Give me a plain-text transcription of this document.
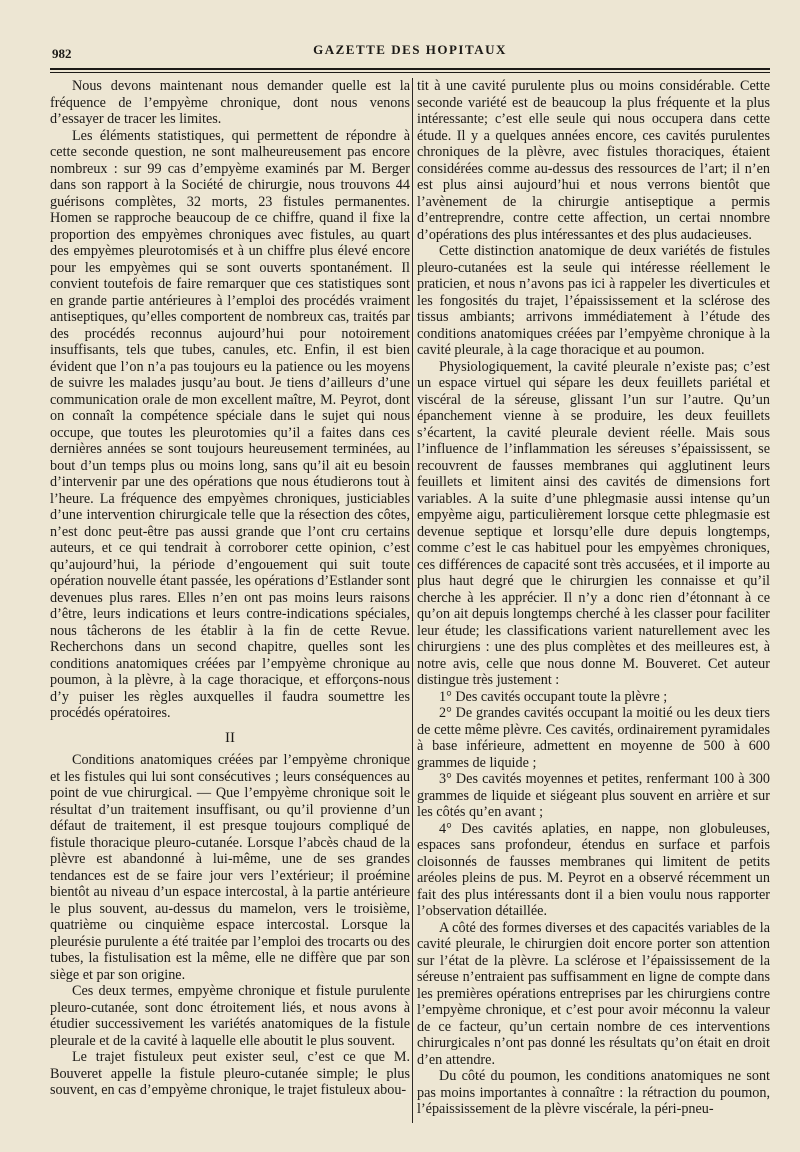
982	GAZETTE DES HOPITAUX

Nous devons maintenant nous demander quelle est la fréquence de l’empyème chronique, dont nous venons d’essayer de tracer les limites.

Les éléments statistiques, qui permettent de répondre à cette seconde question, ne sont malheureusement pas encore nombreux : sur 99 cas d’empyème examinés par M. Berger dans son rapport à la Société de chirurgie, nous trouvons 44 guérisons complètes, 32 morts, 23 fistules permanentes. Homen se rapproche beaucoup de ce chiffre, quand il fixe la proportion des empyèmes chroniques avec fistules, au quart des empyèmes pleurotomisés et à un chiffre plus élevé encore pour les empyèmes qui se sont ouverts spontanément. Il convient toutefois de faire remarquer que ces statistiques sont en grande partie antérieures à l’emploi des procédés vraiment antiseptiques, qu’elles comportent de nombreux cas, traités par des procédés reconnus aujourd’hui pour notoirement insuffisants, tels que tubes, canules, etc. Enfin, il est bien évident que l’on n’a pas toujours eu la patience ou les moyens de suivre les malades jusqu’au bout. Je tiens d’ailleurs d’une communication orale de mon excellent maître, M. Peyrot, dont on connaît la compétence spéciale dans le sujet qui nous occupe, que toutes les pleurotomies qu’il a faites dans ces dernières années se sont toujours heureusement terminées, au bout d’un temps plus ou moins long, sans qu’il ait eu besoin d’intervenir par une des opérations que nous étudierons tout à l’heure. La fréquence des empyèmes chroniques, justiciables d’une intervention chirurgicale telle que la résection des côtes, n’est donc peut-être pas aussi grande que l’ont cru certains auteurs, et ce qui tendrait à corroborer cette opinion, c’est qu’aujourd’hui, la période d’engouement qui suit toute opération nouvelle étant passée, les opérations d’Estlander sont devenues plus rares. Elles n’en ont pas moins leurs raisons d’être, leurs indications et leurs contre-indications spéciales, nous tâcherons de les établir à la fin de cette Revue. Recherchons dans un second chapitre, quelles sont les conditions anatomiques créées par l’empyème chronique au poumon, à la plèvre, à la cage thoracique, et efforçons-nous d’y puiser les règles auxquelles il faudra soumettre les procédés opératoires.

II

Conditions anatomiques créées par l’empyème chronique et les fistules qui lui sont consécutives ; leurs conséquences au point de vue chirurgical. — Que l’empyème chronique soit le résultat d’un traitement insuffisant, ou qu’il provienne d’un défaut de traitement, il est presque toujours compliqué de fistule thoracique pleuro-cutanée. Lorsque l’abcès chaud de la plèvre est abandonné à lui-même, une de ses grandes tendances est de se faire jour vers l’extérieur; il proémine bientôt au niveau d’un espace intercostal, à la partie antérieure le plus souvent, au-dessus du mamelon, vers le troisième, quatrième ou cinquième espace intercostal. Lorsque la pleurésie purulente a été traitée par l’emploi des trocarts ou des tubes, la fistulisation est la même, elle ne diffère que par son siège et par son origine.

Ces deux termes, empyème chronique et fistule purulente pleuro-cutanée, sont donc étroitement liés, et nous avons à étudier successivement les variétés anatomiques de la fistule pleurale et de la cavité à laquelle elle aboutit le plus souvent.

Le trajet fistuleux peut exister seul, c’est ce que M. Bouveret appelle la fistule pleuro-cutanée simple; le plus souvent, en cas d’empyème chronique, le trajet fistuleux abou-

tit à une cavité purulente plus ou moins considérable. Cette seconde variété est de beaucoup la plus fréquente et la plus intéressante; c’est elle seule qui nous occupera dans cette étude. Il y a quelques années encore, ces cavités purulentes chroniques de la plèvre, avec fistules thoraciques, étaient considérées comme au-dessus des ressources de l’art; il n’en est plus ainsi aujourd’hui et nous verrons bientôt que l’avènement de la chirurgie antiseptique a permis d’entreprendre, contre cette affection, un certai nnombre d’opérations des plus intéressantes et des plus audacieuses.

Cette distinction anatomique de deux variétés de fistules pleuro-cutanées est la seule qui intéresse réellement le praticien, et nous n’avons pas ici à rappeler les diverticules et les fongosités du trajet, l’épaississement et la sclérose des tissus ambiants; arrivons immédiatement à l’étude des conditions anatomiques créées par l’empyème chronique à la cavité pleurale, à la cage thoracique et au poumon.

Physiologiquement, la cavité pleurale n’existe pas; c’est un espace virtuel qui sépare les deux feuillets pariétal et viscéral de la séreuse, glissant l’un sur l’autre. Qu’un épanchement vienne à se produire, les deux feuillets s’écartent, la cavité pleurale devient réelle. Mais sous l’influence de l’inflammation les séreuses s’épaississent, se recouvrent de fausses membranes qui agglutinent leurs feuillets et limitent ainsi des cavités de dimensions fort variables. A la suite d’une phlegmasie aussi intense qu’un empyème aigu, particulièrement lorsque cette phlegmasie est devenue septique et lorsqu’elle dure depuis longtemps, comme c’est le cas habituel pour les empyèmes chroniques, ces différences de capacité sont très accusées, et il importe au plus haut degré que le chirurgien les connaisse et qu’il cherche à les apprécier. Il n’y a donc rien d’étonnant à ce qu’on ait depuis longtemps cherché à les classer pour faciliter leur étude; les classifications varient naturellement avec les chirurgiens : une des plus complètes et des meilleures est, à notre avis, celle que nous donne M. Bouveret. Cet auteur distingue très justement :

1° Des cavités occupant toute la plèvre ;

2° De grandes cavités occupant la moitié ou les deux tiers de cette même plèvre. Ces cavités, ordinairement pyramidales à base inférieure, admettent en moyenne de 500 à 600 grammes de liquide ;

3° Des cavités moyennes et petites, renfermant 100 à 300 grammes de liquide et siégeant plus souvent en arrière et sur les côtés qu’en avant ;

4° Des cavités aplaties, en nappe, non globuleuses, espaces sans profondeur, étendus en surface et parfois cloisonnés de fausses membranes qui limitent de petits aréoles pleins de pus. M. Peyrot en a observé récemment un fait des plus intéressants dont il a bien voulu nous rapporter l’observation détaillée.

A côté des formes diverses et des capacités variables de la cavité pleurale, le chirurgien doit encore porter son attention sur l’état de la plèvre. La sclérose et l’épaississement de la séreuse n’entraient pas suffisamment en ligne de compte dans les premières opérations entreprises par les chirurgiens contre l’empyème chronique, et c’est pour avoir méconnu la valeur de ce facteur, qu’un certain nombre de ces interventions chirurgicales n’ont pas donné les résultats qu’on était en droit d’en attendre.

Du côté du poumon, les conditions anatomiques ne sont pas moins importantes à connaître : la rétraction du poumon, l’épaississement de la plèvre viscérale, la péri-pneu-
